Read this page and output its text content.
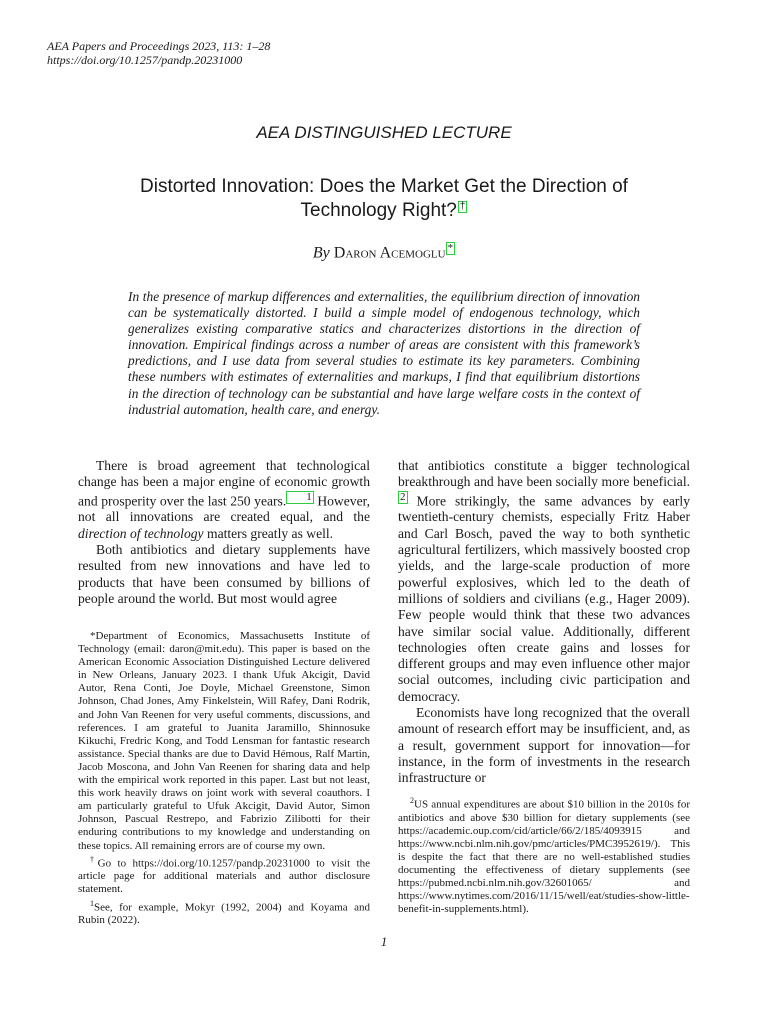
AEA Papers and Proceedings 2023, 113: 1–28
https://doi.org/10.1257/pandp.20231000
AEA DISTINGUISHED LECTURE
Distorted Innovation: Does the Market Get the Direction of
Technology Right? †
By Daron Acemoglu *
In the presence of markup differences and externalities, the equilibrium direction of innovation can be systematically distorted. I build a simple model of endogenous technology, which generalizes existing comparative statics and characterizes distortions in the direction of innovation. Empirical findings across a number of areas are consistent with this framework’s predictions, and I use data from several studies to estimate its key parameters. Combining these numbers with estimates of externalities and markups, I find that equilibrium distortions in the direction of technology can be substantial and have large welfare costs in the context of industrial automation, health care, and energy.

There is broad agreement that technological change has been a major engine of economic growth and prosperity over the last 250 years. 1 However, not all innovations are created equal, and the direction of technology matters greatly as well.

Both antibiotics and dietary supplements have resulted from new innovations and have led to products that have been consumed by billions of people around the world. But most would agree

that antibiotics constitute a bigger technological breakthrough and have been socially more beneficial.2 More strikingly, the same advances by early twentieth-century chemists, especially Fritz Haber and Carl Bosch, paved the way to both synthetic agricultural fertilizers, which massively boosted crop yields, and the large-scale production of more powerful explosives, which led to the death of millions of soldiers and civilians (e.g., Hager 2009). Few people would think that these two advances have similar social value. Additionally, different technologies often create gains and losses for different groups and may even influence other major social outcomes, including civic participation and democracy.

Economists have long recognized that the overall amount of research effort may be insufficient, and, as a result, government support for innovation—for instance, in the form of investments in the research infrastructure or

*Department of Economics, Massachusetts Institute of Technology (email: daron@mit.edu). This paper is based on the American Economic Association Distinguished Lecture delivered in New Orleans, January 2023. I thank Ufuk Akcigit, David Autor, Rena Conti, Joe Doyle, Michael Greenstone, Simon Johnson, Chad Jones, Amy Finkelstein, Will Rafey, Dani Rodrik, and John Van Reenen for very useful comments, discussions, and references. I am grateful to Juanita Jaramillo, Shinnosuke Kikuchi, Fredric Kong, and Todd Lensman for fantastic research assistance. Special thanks are due to David Hémous, Ralf Martin, Jacob Moscona, and John Van Reenen for sharing data and help with the empirical work reported in this paper. Last but not least, this work heavily draws on joint work with several coauthors. I am particularly grateful to Ufuk Akcigit, David Autor, Simon Johnson, Pascual Restrepo, and Fabrizio Zilibotti for their enduring contributions to my knowledge and understanding on these topics. All remaining errors are of course my own.

†Go to https://doi.org/10.1257/pandp.20231000 to visit the article page for additional materials and author disclosure statement.

$^1$See, for example, Mokyr (1992, 2004) and Koyama and Rubin (2022).

$^2$US annual expenditures are about $10 billion in the 2010s for antibiotics and above $30 billion for dietary supplements (see https://academic.oup.com/cid/article/66/2/185/4093915 and https://www.ncbi.nlm.nih.gov/pmc/articles/PMC3952619/). This is despite the fact that there are no well-established studies documenting the effectiveness of dietary supplements (see https://pubmed.ncbi.nlm.nih.gov/32601065/ and https://www.nytimes.com/2016/11/15/well/eat/studies-show-little-benefit-in-supplements.html).

1
